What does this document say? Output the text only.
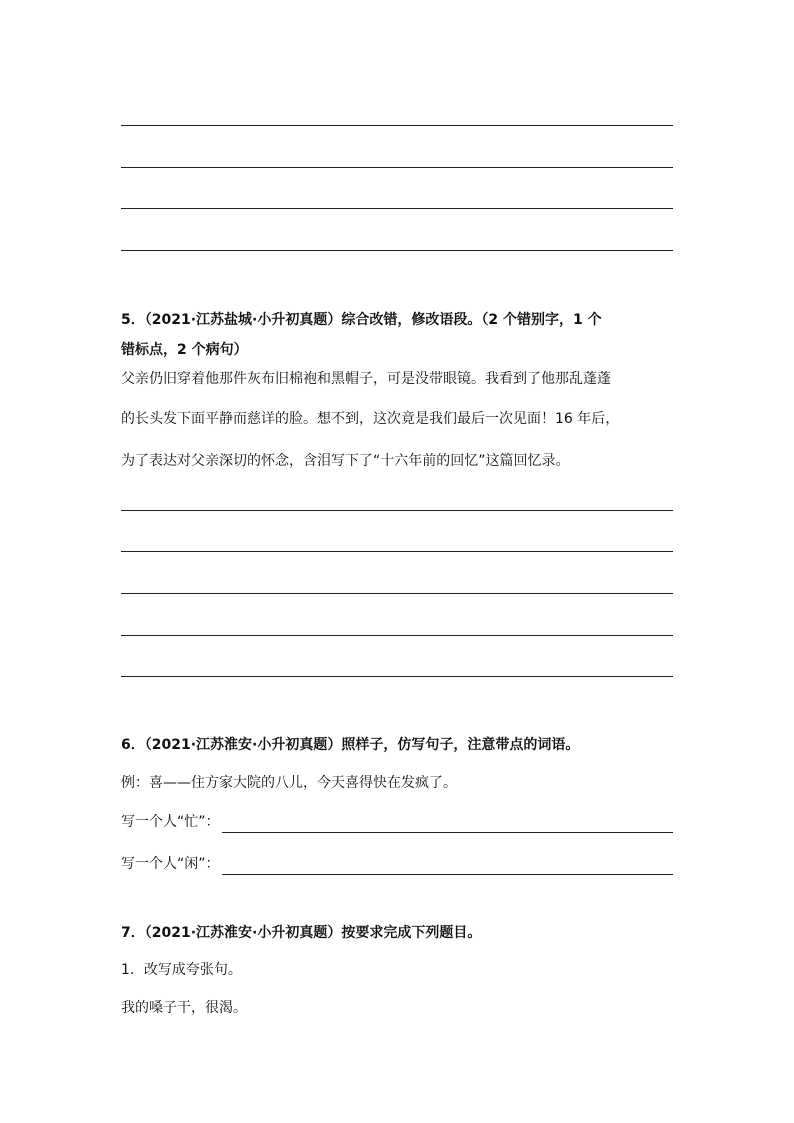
5．（2021·江苏盐城·小升初真题）综合改错，修改语段。（2 个错别字，1 个
错标点，2 个病句）
父亲仍旧穿着他那件灰布旧棉袍和黑帽子，可是没带眼镜。我看到了他那乱蓬蓬
的长头发下面平静而慈详的脸。想不到，这次竟是我们最后一次见面！16 年后，
为了表达对父亲深切的怀念，含泪写下了“十六年前的回忆”这篇回忆录。
6．（2021·江苏淮安·小升初真题）照样子，仿写句子，注意带点的词语。
例：喜——住方家大院的八儿，今天喜得快在发疯了。
写一个人“忙”：
写一个人“闲”：
7．（2021·江苏淮安·小升初真题）按要求完成下列题目。
1．改写成夸张句。
我的嗓子干，很渴。
